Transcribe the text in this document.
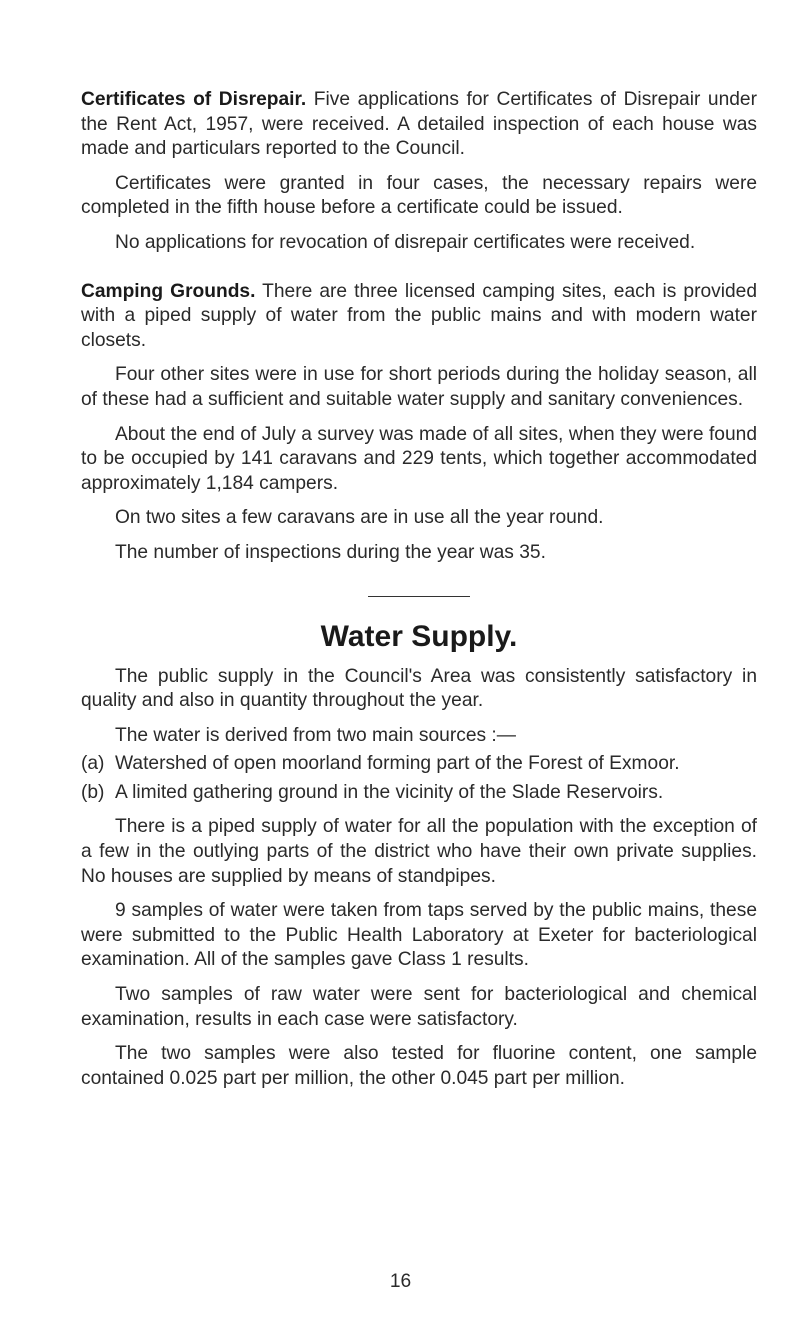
Certificates of Disrepair. Five applications for Certificates of Disrepair under the Rent Act, 1957, were received. A detailed inspection of each house was made and particulars reported to the Council.

Certificates were granted in four cases, the necessary repairs were completed in the fifth house before a certificate could be issued.

No applications for revocation of disrepair certificates were received.

Camping Grounds. There are three licensed camping sites, each is provided with a piped supply of water from the public mains and with modern water closets.

Four other sites were in use for short periods during the holiday season, all of these had a sufficient and suitable water supply and sanitary conveniences.

About the end of July a survey was made of all sites, when they were found to be occupied by 141 caravans and 229 tents, which together accommodated approximately 1,184 campers.

On two sites a few caravans are in use all the year round.

The number of inspections during the year was 35.

Water Supply.

The public supply in the Council's Area was consistently satisfactory in quality and also in quantity throughout the year.

The water is derived from two main sources :—

(a) Watershed of open moorland forming part of the Forest of Exmoor.
(b) A limited gathering ground in the vicinity of the Slade Reservoirs.

There is a piped supply of water for all the population with the exception of a few in the outlying parts of the district who have their own private supplies. No houses are supplied by means of standpipes.

9 samples of water were taken from taps served by the public mains, these were submitted to the Public Health Laboratory at Exeter for bacteriological examination. All of the samples gave Class 1 results.

Two samples of raw water were sent for bacteriological and chemical examination, results in each case were satisfactory.

The two samples were also tested for fluorine content, one sample contained 0.025 part per million, the other 0.045 part per million.

16
